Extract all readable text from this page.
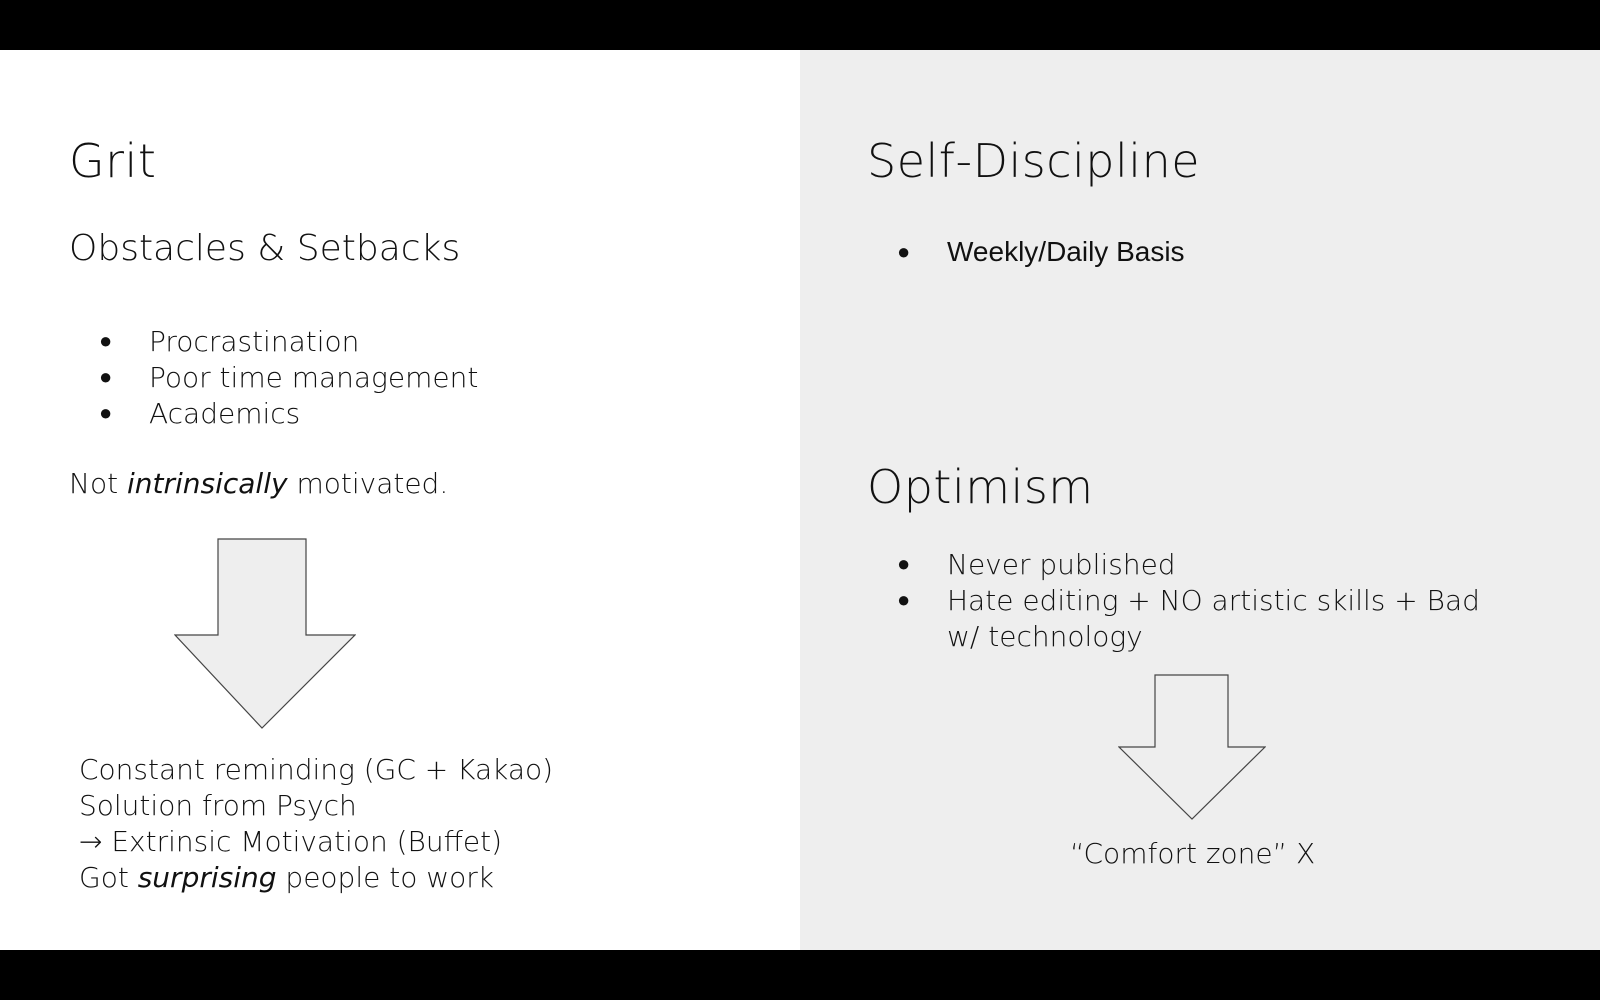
Grit
Obstacles & Setbacks
● Procrastination
● Poor time management
● Academics
Not intrinsically motivated.
Constant reminding (GC + Kakao)
Solution from Psych
→ Extrinsic Motivation (Buffet)
Got surprising people to work
Self-Discipline
● Weekly/Daily Basis
Optimism
● Never published
● Hate editing + NO artistic skills + Bad w/ technology
“Comfort zone” X
